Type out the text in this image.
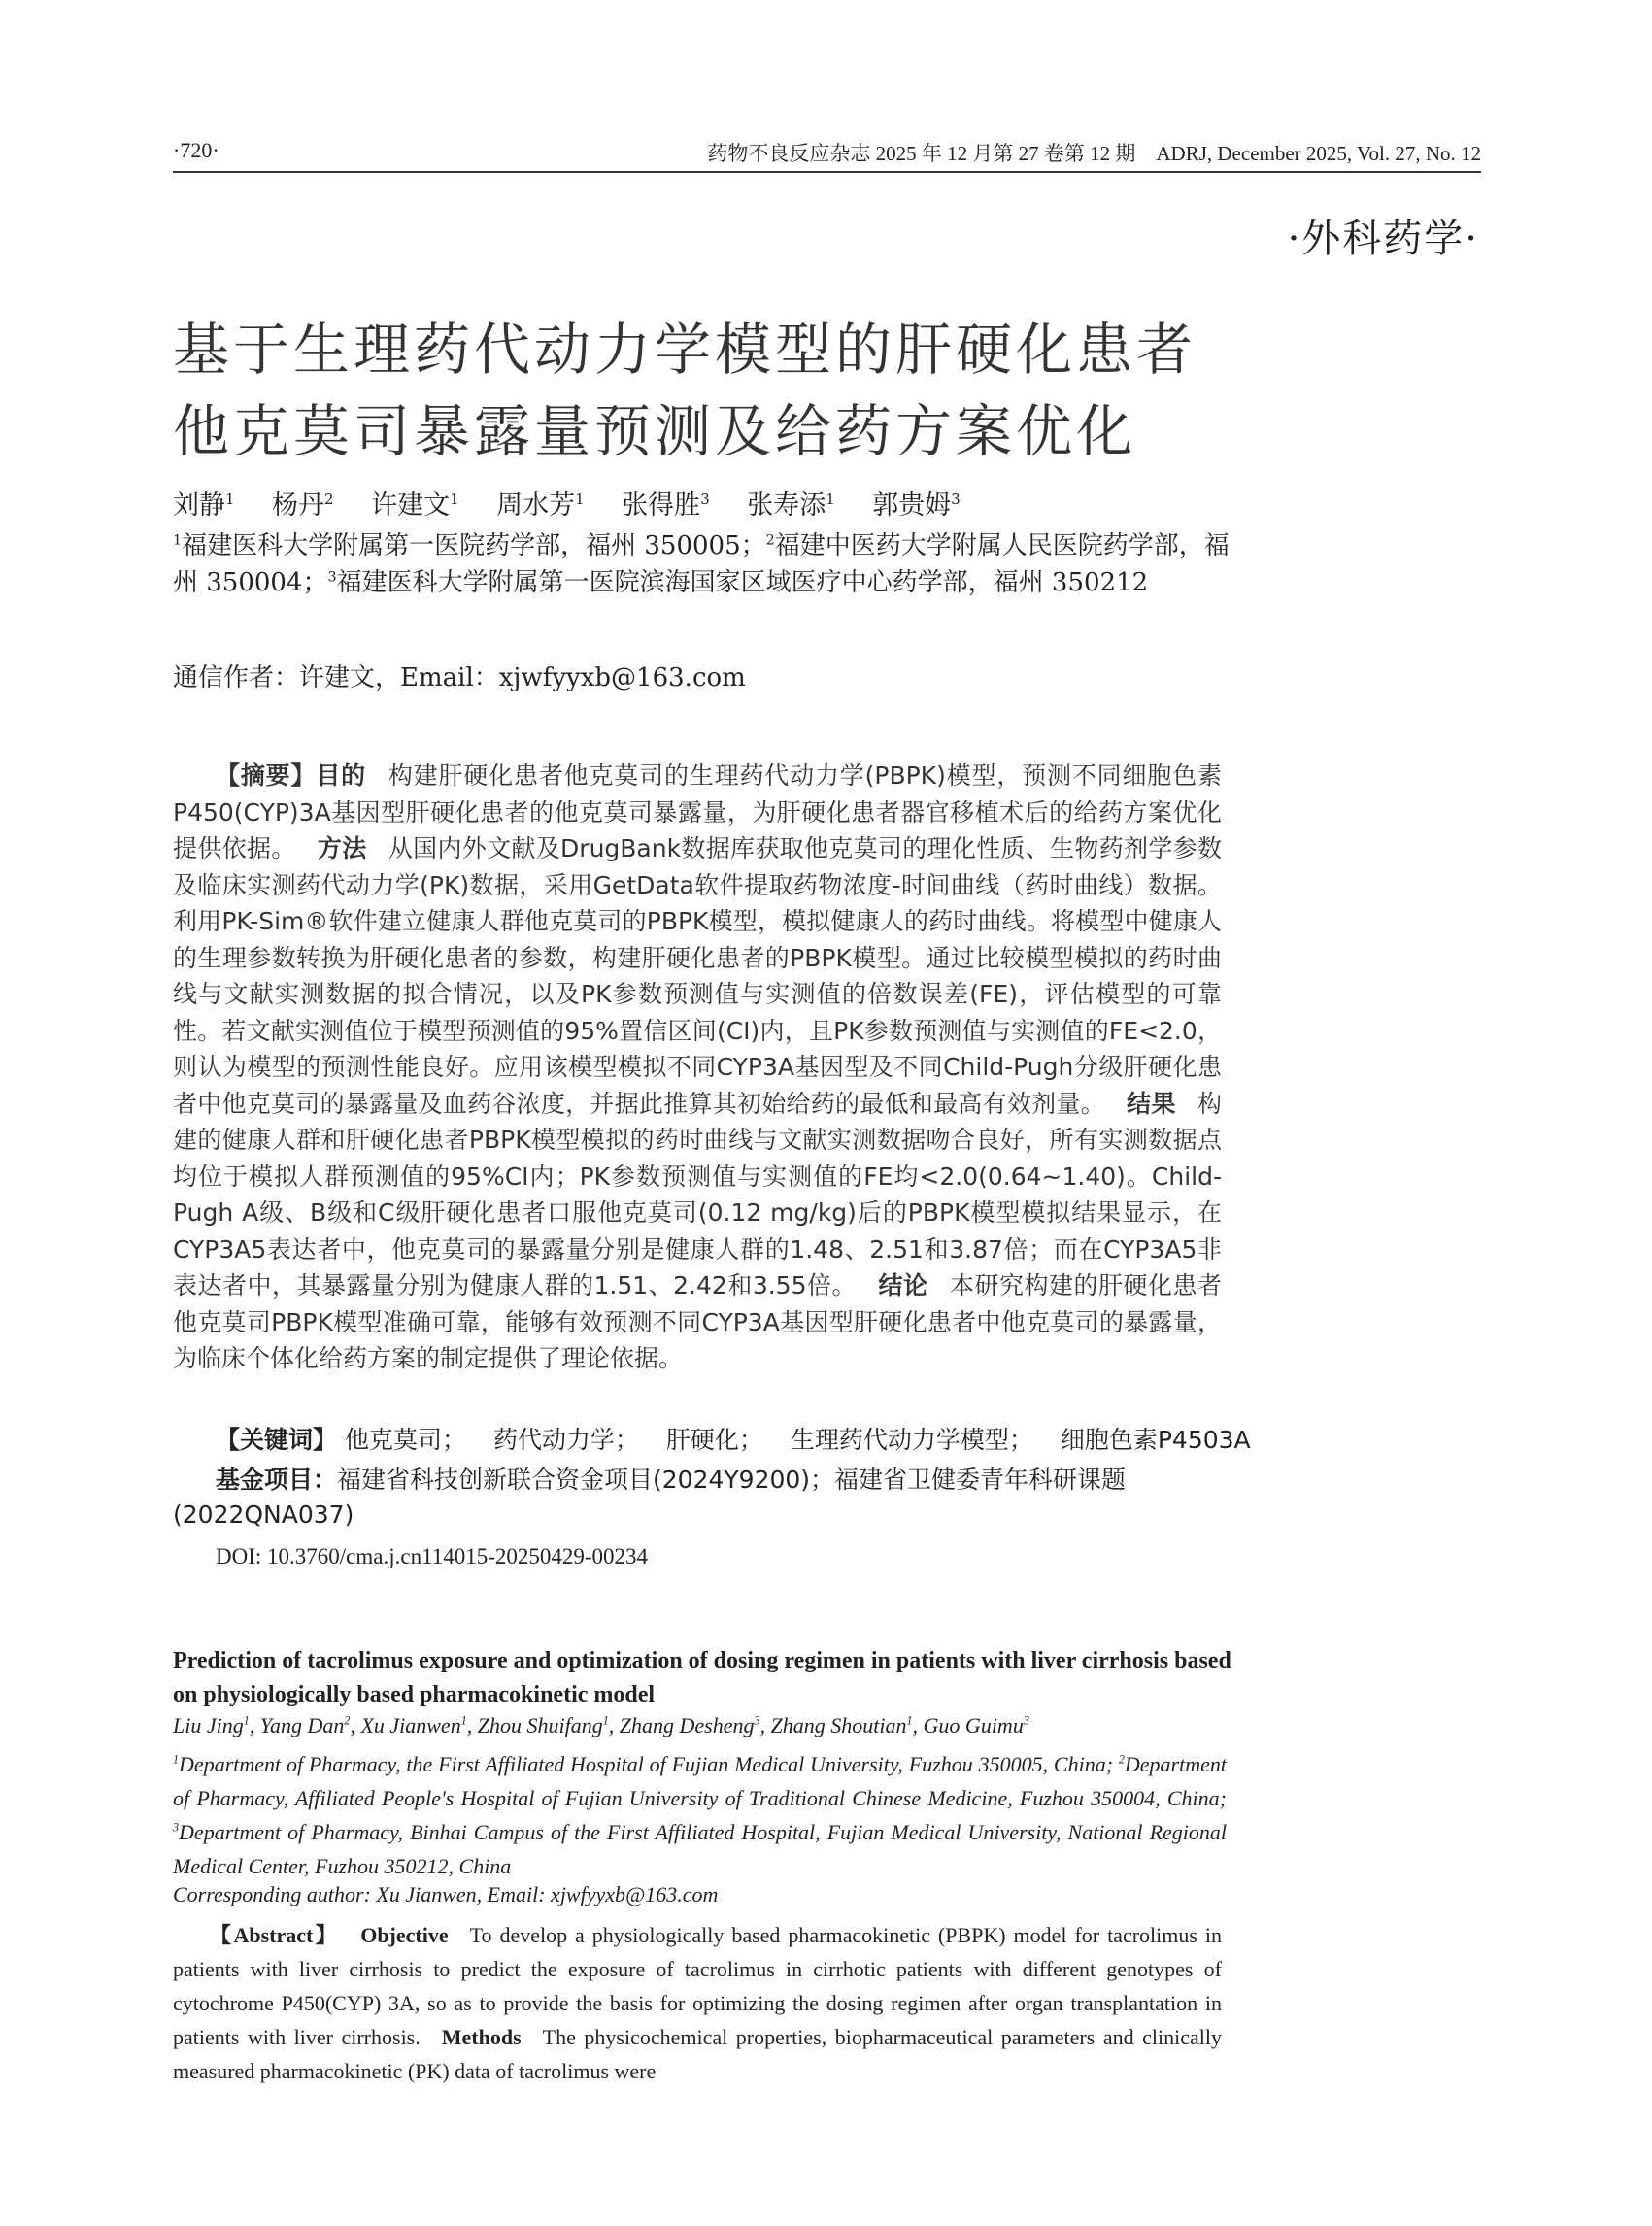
·720·	药物不良反应杂志 2025 年 12 月第 27 卷第 12 期　ADRJ, December 2025, Vol. 27, No. 12
·外科药学·
基于生理药代动力学模型的肝硬化患者
他克莫司暴露量预测及给药方案优化
刘静$^1$ 杨丹$^2$ 许建文$^1$ 周水芳$^1$ 张得胜$^3$ 张寿添$^1$ 郭贵姆$^3$
$^1$福建医科大学附属第一医院药学部，福州 350005；$^2$福建中医药大学附属人民医院药学部，福州 350004；$^3$福建医科大学附属第一医院滨海国家区域医疗中心药学部，福州 350212
通信作者：许建文，Email：xjwfyyxb@163.com
【摘要】目的 构建肝硬化患者他克莫司的生理药代动力学(PBPK)模型，预测不同细胞色素P450(CYP)3A基因型肝硬化患者的他克莫司暴露量，为肝硬化患者器官移植术后的给药方案优化提供依据。 方法 从国内外文献及DrugBank数据库获取他克莫司的理化性质、生物药剂学参数及临床实测药代动力学(PK)数据，采用GetData软件提取药物浓度-时间曲线（药时曲线）数据。利用PK-Sim®软件建立健康人群他克莫司的PBPK模型，模拟健康人的药时曲线。将模型中健康人的生理参数转换为肝硬化患者的参数，构建肝硬化患者的PBPK模型。通过比较模型模拟的药时曲线与文献实测数据的拟合情况，以及PK参数预测值与实测值的倍数误差(FE)，评估模型的可靠性。若文献实测值位于模型预测值的95%置信区间(CI)内，且PK参数预测值与实测值的FE<2.0，则认为模型的预测性能良好。应用该模型模拟不同CYP3A基因型及不同Child-Pugh分级肝硬化患者中他克莫司的暴露量及血药谷浓度，并据此推算其初始给药的最低和最高有效剂量。 结果 构建的健康人群和肝硬化患者PBPK模型模拟的药时曲线与文献实测数据吻合良好，所有实测数据点均位于模拟人群预测值的95%CI内；PK参数预测值与实测值的FE均<2.0(0.64~1.40)。Child-Pugh A级、B级和C级肝硬化患者口服他克莫司(0.12 mg/kg)后的PBPK模型模拟结果显示，在CYP3A5表达者中，他克莫司的暴露量分别是健康人群的1.48、2.51和3.87倍；而在CYP3A5非表达者中，其暴露量分别为健康人群的1.51、2.42和3.55倍。 结论 本研究构建的肝硬化患者他克莫司PBPK模型准确可靠，能够有效预测不同CYP3A基因型肝硬化患者中他克莫司的暴露量，为临床个体化给药方案的制定提供了理论依据。
【关键词】 他克莫司； 药代动力学； 肝硬化； 生理药代动力学模型； 细胞色素P4503A
基金项目：福建省科技创新联合资金项目(2024Y9200)；福建省卫健委青年科研课题(2022QNA037)
DOI: 10.3760/cma.j.cn114015-20250429-00234
Prediction of tacrolimus exposure and optimization of dosing regimen in patients with liver cirrhosis based on physiologically based pharmacokinetic model
Liu Jing$^1$, Yang Dan$^2$, Xu Jianwen$^1$, Zhou Shuifang$^1$, Zhang Desheng$^3$, Zhang Shoutian$^1$, Guo Guimu$^3$
$^1$Department of Pharmacy, the First Affiliated Hospital of Fujian Medical University, Fuzhou 350005, China; $^2$Department of Pharmacy, Affiliated People's Hospital of Fujian University of Traditional Chinese Medicine, Fuzhou 350004, China; $^3$Department of Pharmacy, Binhai Campus of the First Affiliated Hospital, Fujian Medical University, National Regional Medical Center, Fuzhou 350212, China
Corresponding author: Xu Jianwen, Email: xjwfyyxb@163.com
【Abstract】 Objective To develop a physiologically based pharmacokinetic (PBPK) model for tacrolimus in patients with liver cirrhosis to predict the exposure of tacrolimus in cirrhotic patients with different genotypes of cytochrome P450(CYP) 3A, so as to provide the basis for optimizing the dosing regimen after organ transplantation in patients with liver cirrhosis. Methods The physicochemical properties, biopharmaceutical parameters and clinically measured pharmacokinetic (PK) data of tacrolimus were
